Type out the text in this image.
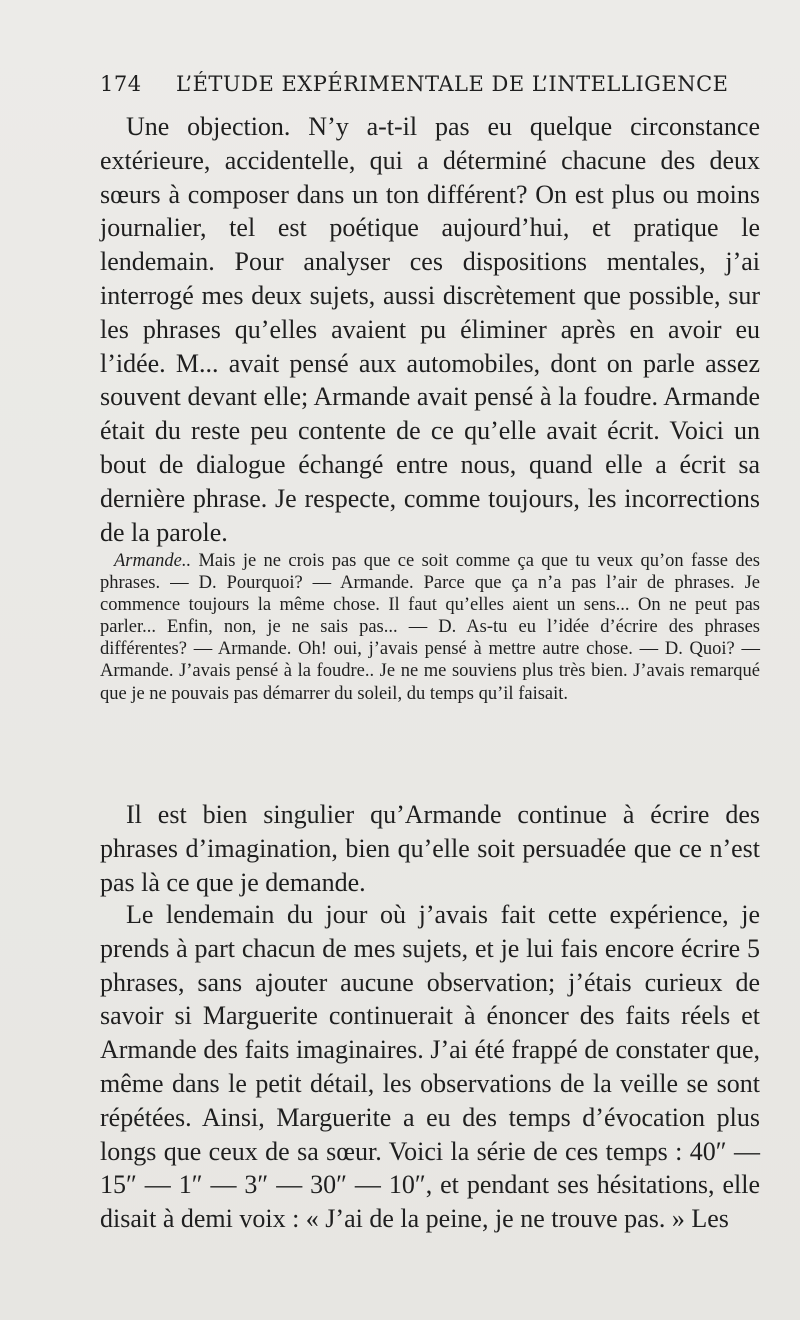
174 L’ÉTUDE EXPÉRIMENTALE DE L’INTELLIGENCE

Une objection. N’y a-t-il pas eu quelque circonstance extérieure, accidentelle, qui a déterminé chacune des deux sœurs à composer dans un ton différent? On est plus ou moins journalier, tel est poétique aujourd’hui, et pratique le lendemain. Pour analyser ces dispositions mentales, j’ai interrogé mes deux sujets, aussi discrètement que possible, sur les phrases qu’elles avaient pu éliminer après en avoir eu l’idée. M... avait pensé aux automobiles, dont on parle assez souvent devant elle; Armande avait pensé à la foudre. Armande était du reste peu contente de ce qu’elle avait écrit. Voici un bout de dialogue échangé entre nous, quand elle a écrit sa dernière phrase. Je respecte, comme toujours, les incorrections de la parole.

Armande.. Mais je ne crois pas que ce soit comme ça que tu veux qu’on fasse des phrases. — D. Pourquoi? — Armande. Parce que ça n’a pas l’air de phrases. Je commence toujours la même chose. Il faut qu’elles aient un sens... On ne peut pas parler... Enfin, non, je ne sais pas... — D. As-tu eu l’idée d’écrire des phrases différentes? — Armande. Oh! oui, j’avais pensé à mettre autre chose. — D. Quoi? — Armande. J’avais pensé à la foudre.. Je ne me souviens plus très bien. J’avais remarqué que je ne pouvais pas démarrer du soleil, du temps qu’il faisait.

Il est bien singulier qu’Armande continue à écrire des phrases d’imagination, bien qu’elle soit persuadée que ce n’est pas là ce que je demande.

Le lendemain du jour où j’avais fait cette expérience, je prends à part chacun de mes sujets, et je lui fais encore écrire 5 phrases, sans ajouter aucune observation; j’étais curieux de savoir si Marguerite continuerait à énoncer des faits réels et Armande des faits imaginaires. J’ai été frappé de constater que, même dans le petit détail, les observations de la veille se sont répétées. Ainsi, Marguerite a eu des temps d’évocation plus longs que ceux de sa sœur. Voici la série de ces temps : 40″ — 15″ — 1″ — 3″ — 30″ — 10″, et pendant ses hésitations, elle disait à demi voix : « J’ai de la peine, je ne trouve pas. » Les
